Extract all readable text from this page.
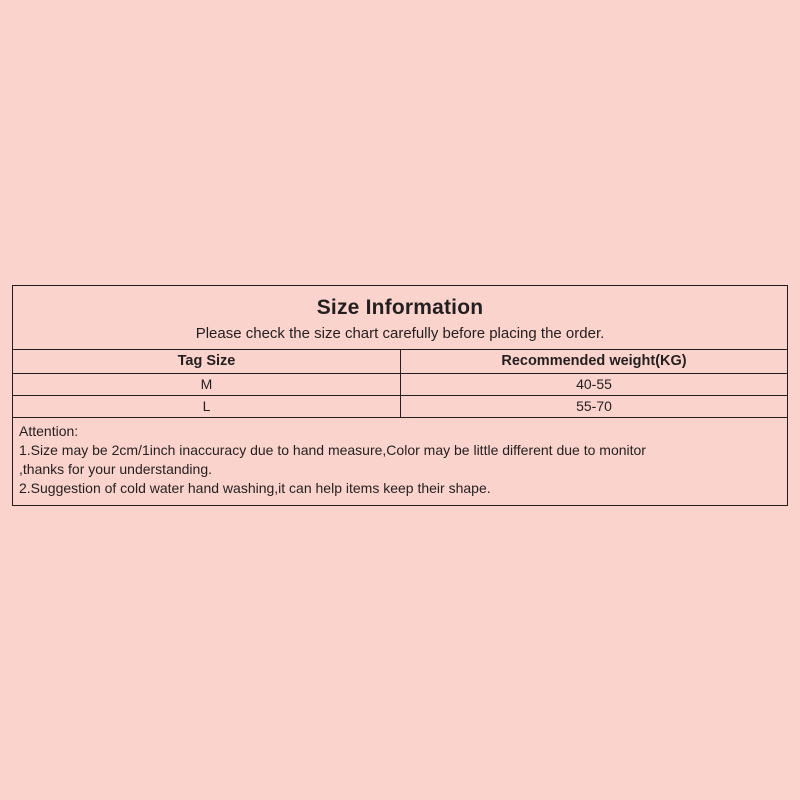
Size Information
Please check the size chart carefully before placing the order.
Tag Size	Recommended weight(KG)
M	40-55
L	55-70
Attention:
1.Size may be 2cm/1inch inaccuracy due to hand measure,Color may be little different due to monitor
,thanks for your understanding.
2.Suggestion of cold water hand washing,it can help items keep their shape.
